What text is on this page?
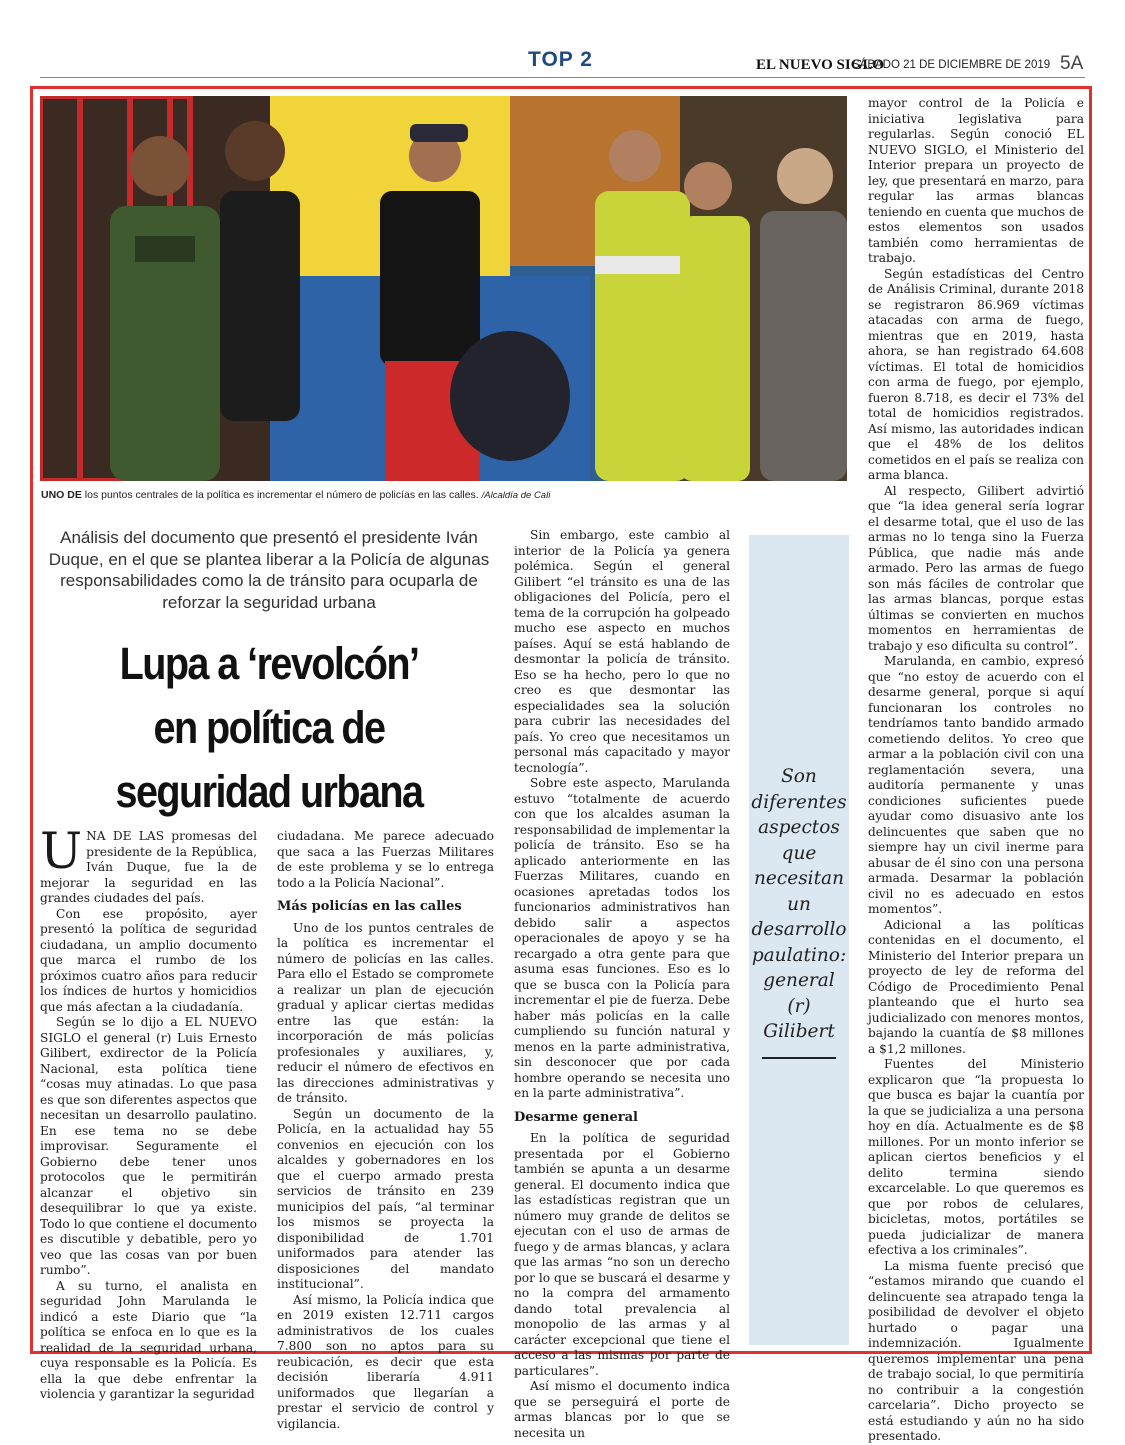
TOP 2	EL NUEVO SIGLO
SÁBADO 21 DE DICIEMBRE DE 2019 5A
UNO DE los puntos centrales de la política es incrementar el número de policías en las calles. /Alcaldía de Cali
Análisis del documento que presentó el presidente Iván Duque, en el que se plantea liberar a la Policía de algunas responsabilidades como la de tránsito para ocuparla de reforzar la seguridad urbana
Lupa a ‘revolcón’
en política de
seguridad urbana

UNA DE LAS promesas del presidente de la República, Iván Duque, fue la de mejorar la seguridad en las grandes ciudades del país.

Con ese propósito, ayer presentó la política de seguridad ciudadana, un amplio documento que marca el rumbo de los próximos cuatro años para reducir los índices de hurtos y homicidios que más afectan a la ciudadanía.

Según se lo dijo a EL NUEVO SIGLO el general (r) Luis Ernesto Gilibert, exdirector de la Policía Nacional, esta política tiene “cosas muy atinadas. Lo que pasa es que son diferentes aspectos que necesitan un desarrollo paulatino. En ese tema no se debe improvisar. Seguramente el Gobierno debe tener unos protocolos que le permitirán alcanzar el objetivo sin desequilibrar lo que ya existe. Todo lo que contiene el documento es discutible y debatible, pero yo veo que las cosas van por buen rumbo”.

A su turno, el analista en seguridad John Marulanda le indicó a este Diario que “la política se enfoca en lo que es la realidad de la seguridad urbana, cuya responsable es la Policía. Es ella la que debe enfrentar la violencia y garantizar la seguridad

ciudadana. Me parece adecuado que saca a las Fuerzas Militares de este problema y se lo entrega todo a la Policía Nacional”.

Más policías en las calles

Uno de los puntos centrales de la política es incrementar el número de policías en las calles. Para ello el Estado se compromete a realizar un plan de ejecución gradual y aplicar ciertas medidas entre las que están: la incorporación de más policías profesionales y auxiliares, y, reducir el número de efectivos en las direcciones administrativas y de tránsito.

Según un documento de la Policía, en la actualidad hay 55 convenios en ejecución con los alcaldes y gobernadores en los que el cuerpo armado presta servicios de tránsito en 239 municipios del país, “al terminar los mismos se proyecta la disponibilidad de 1.701 uniformados para atender las disposiciones del mandato institucional”.

Así mismo, la Policía indica que en 2019 existen 12.711 cargos administrativos de los cuales 7.800 son no aptos para su reubicación, es decir que esta decisión liberaría 4.911 uniformados que llegarían a prestar el servicio de control y vigilancia.

Sin embargo, este cambio al interior de la Policía ya genera polémica. Según el general Gilibert “el tránsito es una de las obligaciones del Policía, pero el tema de la corrupción ha golpeado mucho ese aspecto en muchos países. Aquí se está hablando de desmontar la policía de tránsito. Eso se ha hecho, pero lo que no creo es que desmontar las especialidades sea la solución para cubrir las necesidades del país. Yo creo que necesitamos un personal más capacitado y mayor tecnología”.

Sobre este aspecto, Marulanda estuvo “totalmente de acuerdo con que los alcaldes asuman la responsabilidad de implementar la policía de tránsito. Eso se ha aplicado anteriormente en las Fuerzas Militares, cuando en ocasiones apretadas todos los funcionarios administrativos han debido salir a aspectos operacionales de apoyo y se ha recargado a otra gente para que asuma esas funciones. Eso es lo que se busca con la Policía para incrementar el pie de fuerza. Debe haber más policías en la calle cumpliendo su función natural y menos en la parte administrativa, sin desconocer que por cada hombre operando se necesita uno en la parte administrativa”.

Desarme general

En la política de seguridad presentada por el Gobierno también se apunta a un desarme general. El documento indica que las estadísticas registran que un número muy grande de delitos se ejecutan con el uso de armas de fuego y de armas blancas, y aclara que las armas “no son un derecho por lo que se buscará el desarme y no la compra del armamento dando total prevalencia al monopolio de las armas y al carácter excepcional que tiene el acceso a las mismas por parte de particulares”.

Así mismo el documento indica que se perseguirá el porte de armas blancas por lo que se necesita un

Son diferentes aspectos que necesitan un desarrollo paulatino: general (r) Gilibert

mayor control de la Policía e iniciativa legislativa para regularlas. Según conoció EL NUEVO SIGLO, el Ministerio del Interior prepara un proyecto de ley, que presentará en marzo, para regular las armas blancas teniendo en cuenta que muchos de estos elementos son usados también como herramientas de trabajo.

Según estadísticas del Centro de Análisis Criminal, durante 2018 se registraron 86.969 víctimas atacadas con arma de fuego, mientras que en 2019, hasta ahora, se han registrado 64.608 víctimas. El total de homicidios con arma de fuego, por ejemplo, fueron 8.718, es decir el 73% del total de homicidios registrados. Así mismo, las autoridades indican que el 48% de los delitos cometidos en el país se realiza con arma blanca.

Al respecto, Gilibert advirtió que “la idea general sería lograr el desarme total, que el uso de las armas no lo tenga sino la Fuerza Pública, que nadie más ande armado. Pero las armas de fuego son más fáciles de controlar que las armas blancas, porque estas últimas se convierten en muchos momentos en herramientas de trabajo y eso dificulta su control”.

Marulanda, en cambio, expresó que “no estoy de acuerdo con el desarme general, porque si aquí funcionaran los controles no tendríamos tanto bandido armado cometiendo delitos. Yo creo que armar a la población civil con una reglamentación severa, una auditoría permanente y unas condiciones suficientes puede ayudar como disuasivo ante los delincuentes que saben que no siempre hay un civil inerme para abusar de él sino con una persona armada. Desarmar la población civil no es adecuado en estos momentos”.

Adicional a las políticas contenidas en el documento, el Ministerio del Interior prepara un proyecto de ley de reforma del Código de Procedimiento Penal planteando que el hurto sea judicializado con menores montos, bajando la cuantía de $8 millones a $1,2 millones.

Fuentes del Ministerio explicaron que “la propuesta lo que busca es bajar la cuantía por la que se judicializa a una persona hoy en día. Actualmente es de $8 millones. Por un monto inferior se aplican ciertos beneficios y el delito termina siendo excarcelable. Lo que queremos es que por robos de celulares, bicicletas, motos, portátiles se pueda judicializar de manera efectiva a los criminales”.

La misma fuente precisó que “estamos mirando que cuando el delincuente sea atrapado tenga la posibilidad de devolver el objeto hurtado o pagar una indemnización. Igualmente queremos implementar una pena de trabajo social, lo que permitiría no contribuir a la congestión carcelaria”. Dicho proyecto se está estudiando y aún no ha sido presentado.
